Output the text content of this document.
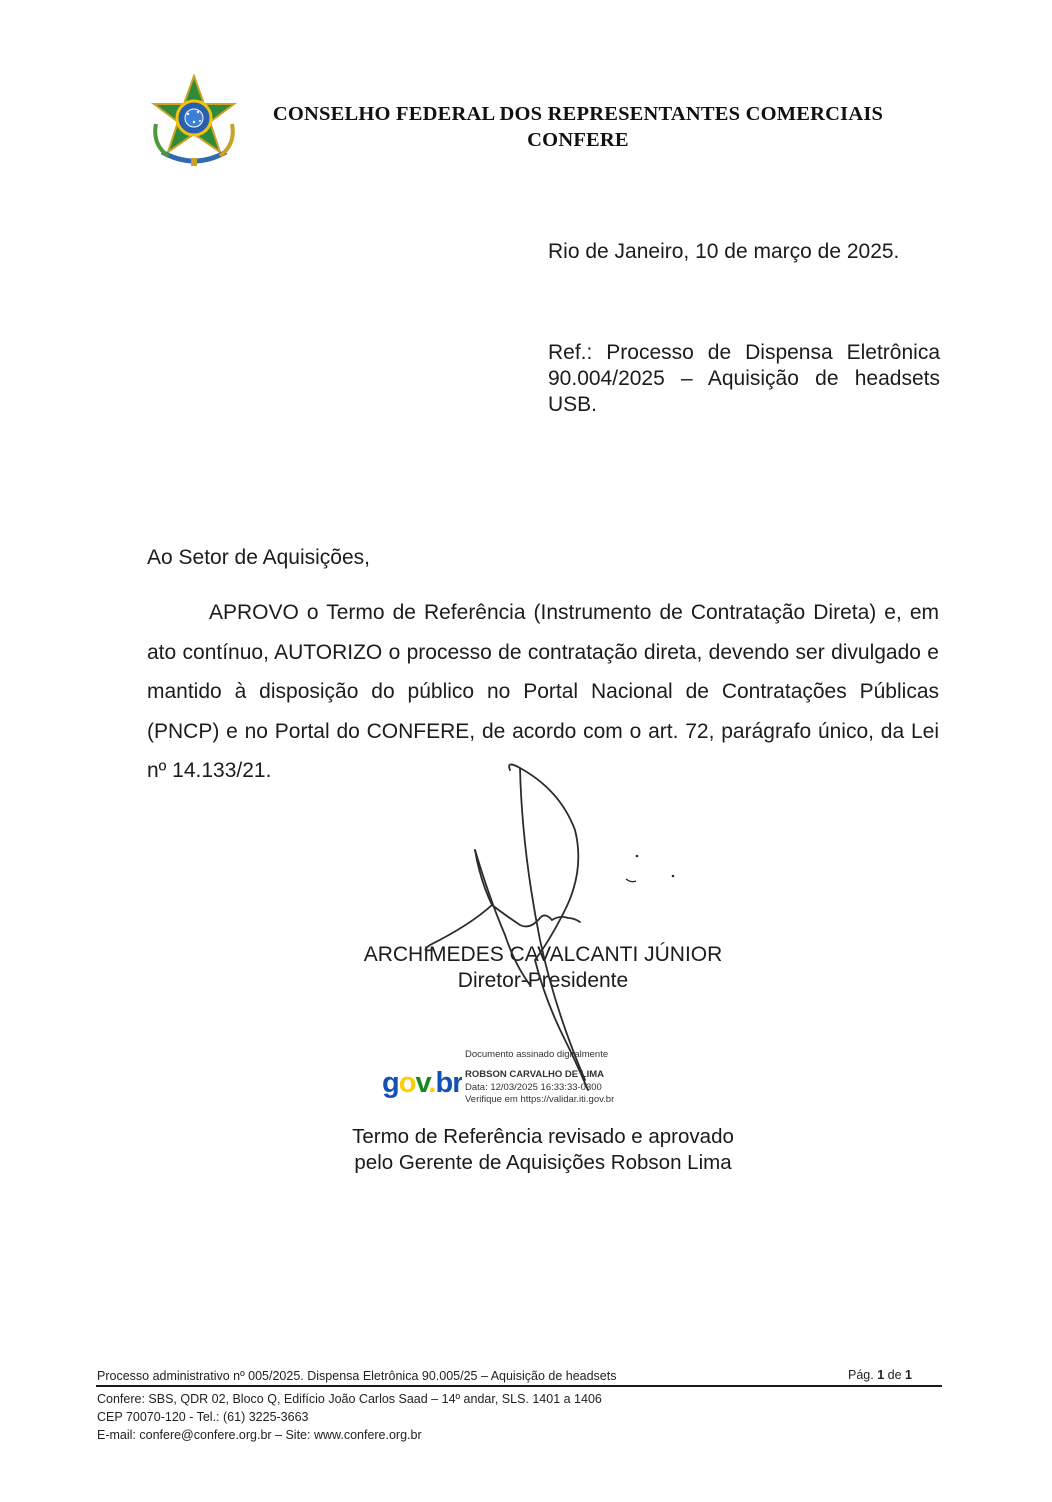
CONSELHO FEDERAL DOS REPRESENTANTES COMERCIAIS
CONFERE
Rio de Janeiro, 10 de março de 2025.
Ref.: Processo de Dispensa Eletrônica 90.004/2025 – Aquisição de headsets USB.
Ao Setor de Aquisições,
APROVO o Termo de Referência (Instrumento de Contratação Direta) e, em ato contínuo, AUTORIZO o processo de contratação direta, devendo ser divulgado e mantido à disposição do público no Portal Nacional de Contratações Públicas (PNCP) e no Portal do CONFERE, de acordo com o art. 72, parágrafo único, da Lei nº 14.133/21.
ARCHIMEDES CAVALCANTI JÚNIOR
Diretor-Presidente
gov.br
Documento assinado digitalmente
ROBSON CARVALHO DE LIMA
Data: 12/03/2025 16:33:33-0300
Verifique em https://validar.iti.gov.br
Termo de Referência revisado e aprovado
pelo Gerente de Aquisições Robson Lima
Processo administrativo nº 005/2025. Dispensa Eletrônica 90.005/25 – Aquisição de headsets	Pág. 1 de 1
Confere: SBS, QDR 02, Bloco Q, Edifício João Carlos Saad – 14º andar, SLS. 1401 a 1406
CEP 70070-120 - Tel.: (61) 3225-3663
E-mail: confere@confere.org.br – Site: www.confere.org.br
